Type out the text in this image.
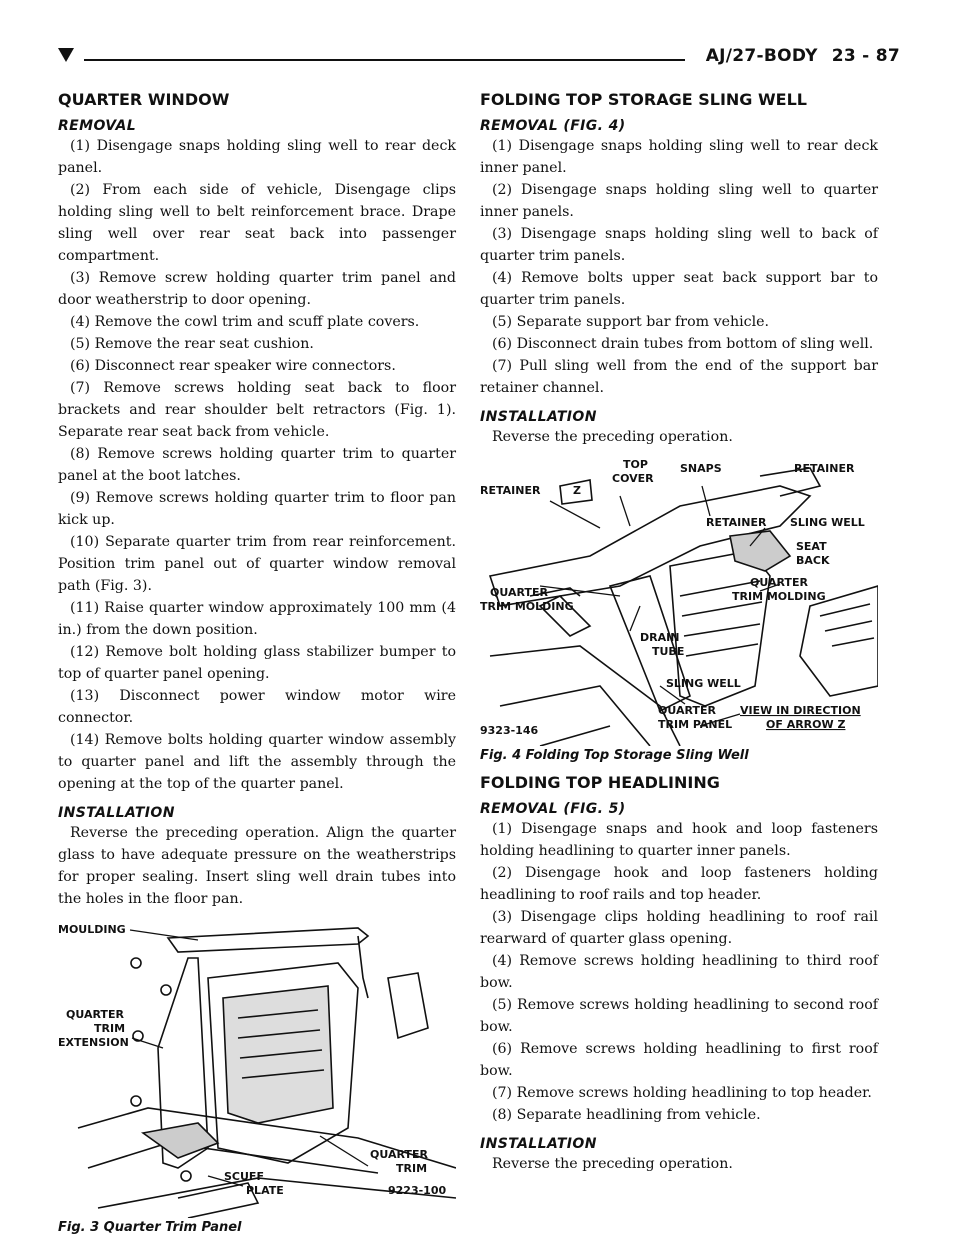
AJ/27-BODY 23 - 87
QUARTER WINDOW
REMOVAL

(1) Disengage snaps holding sling well to rear deck panel.

(2) From each side of vehicle, Disengage clips holding sling well to belt reinforcement brace. Drape sling well over rear seat back into passenger compartment.

(3) Remove screw holding quarter trim panel and door weatherstrip to door opening.

(4) Remove the cowl trim and scuff plate covers.

(5) Remove the rear seat cushion.

(6) Disconnect rear speaker wire connectors.

(7) Remove screws holding seat back to floor brackets and rear shoulder belt retractors (Fig. 1). Separate rear seat back from vehicle.

(8) Remove screws holding quarter trim to quarter panel at the boot latches.

(9) Remove screws holding quarter trim to floor pan kick up.

(10) Separate quarter trim from rear reinforcement. Position trim panel out of quarter window removal path (Fig. 3).

(11) Raise quarter window approximately 100 mm (4 in.) from the down position.

(12) Remove bolt holding glass stabilizer bumper to top of quarter panel opening.

(13) Disconnect power window motor wire connector.

(14) Remove bolts holding quarter window assembly to quarter panel and lift the assembly through the opening at the top of the quarter panel.

INSTALLATION

Reverse the preceding operation. Align the quarter glass to have adequate pressure on the weatherstrips for proper sealing. Insert sling well drain tubes into the holes in the floor pan.

MOULDING
QUARTER
TRIM
EXTENSION
QUARTER
TRIM
SCUFF
PLATE	9223-100
Fig. 3 Quarter Trim Panel
FOLDING TOP STORAGE SLING WELL
REMOVAL (FIG. 4)

(1) Disengage snaps holding sling well to rear deck inner panel.

(2) Disengage snaps holding sling well to quarter inner panels.

(3) Disengage snaps holding sling well to back of quarter trim panels.

(4) Remove bolts upper seat back support bar to quarter trim panels.

(5) Separate support bar from vehicle.

(6) Disconnect drain tubes from bottom of sling well.

(7) Pull sling well from the end of the support bar retainer channel.

INSTALLATION

Reverse the preceding operation.

RETAINER	Z
TOP
COVER
SNAPS	RETAINER
RETAINER SLING WELL
SEAT
BACK
QUARTER
TRIM MOLDING
QUARTER
TRIM MOLDING
DRAIN
TUBE
SLING WELL
QUARTER
TRIM PANEL
VIEW IN DIRECTION
OF ARROW Z
9323-146
Fig. 4 Folding Top Storage Sling Well
FOLDING TOP HEADLINING
REMOVAL (FIG. 5)

(1) Disengage snaps and hook and loop fasteners holding headlining to quarter inner panels.

(2) Disengage hook and loop fasteners holding headlining to roof rails and top header.

(3) Disengage clips holding headlining to roof rail rearward of quarter glass opening.

(4) Remove screws holding headlining to third roof bow.

(5) Remove screws holding headlining to second roof bow.

(6) Remove screws holding headlining to first roof bow.

(7) Remove screws holding headlining to top header.

(8) Separate headlining from vehicle.

INSTALLATION

Reverse the preceding operation.
